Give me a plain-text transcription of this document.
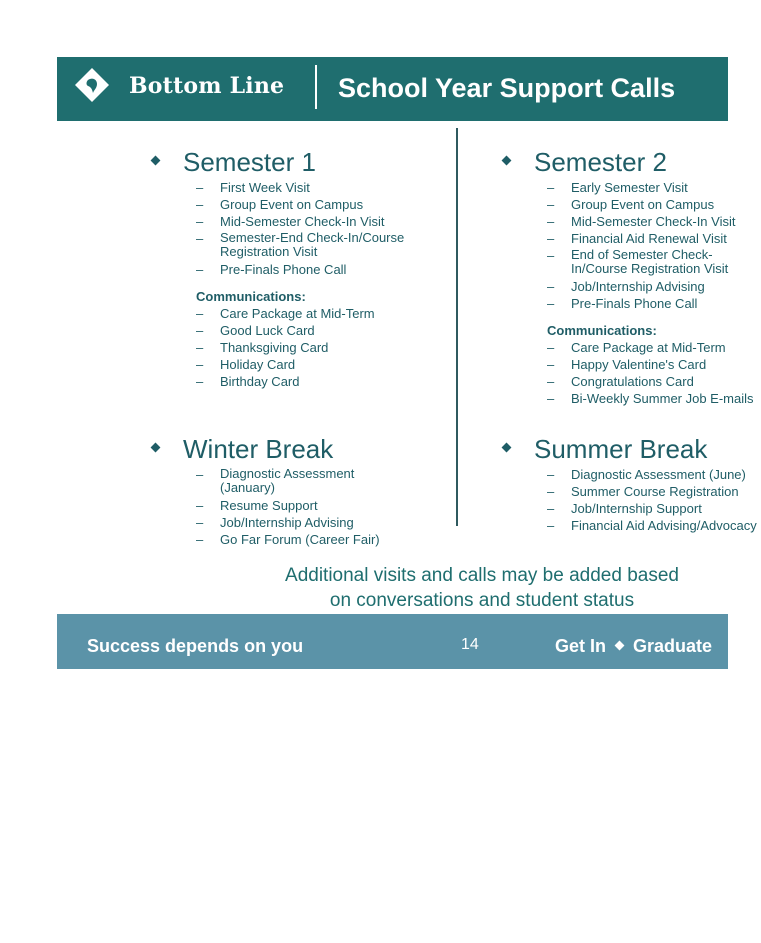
Bottom Line School Year Support Calls
Semester 1
– First Week Visit
– Group Event on Campus
– Mid-Semester Check-In Visit
– Semester-End Check-In/Course Registration Visit
– Pre-Finals Phone Call
Communications:
– Care Package at Mid-Term
– Good Luck Card
– Thanksgiving Card
– Holiday Card
– Birthday Card
Semester 2
– Early Semester Visit
– Group Event on Campus
– Mid-Semester Check-In Visit
– Financial Aid Renewal Visit
– End of Semester Check-In/Course Registration Visit
– Job/Internship Advising
– Pre-Finals Phone Call
Communications:
– Care Package at Mid-Term
– Happy Valentine's Card
– Congratulations Card
– Bi-Weekly Summer Job E-mails
Winter Break
– Diagnostic Assessment (January)
– Resume Support
– Job/Internship Advising
– Go Far Forum (Career Fair)
Summer Break
– Diagnostic Assessment (June)
– Summer Course Registration
– Job/Internship Support
– Financial Aid Advising/Advocacy
Additional visits and calls may be added based
on conversations and student status
Success depends on you	14	Get In Graduate
